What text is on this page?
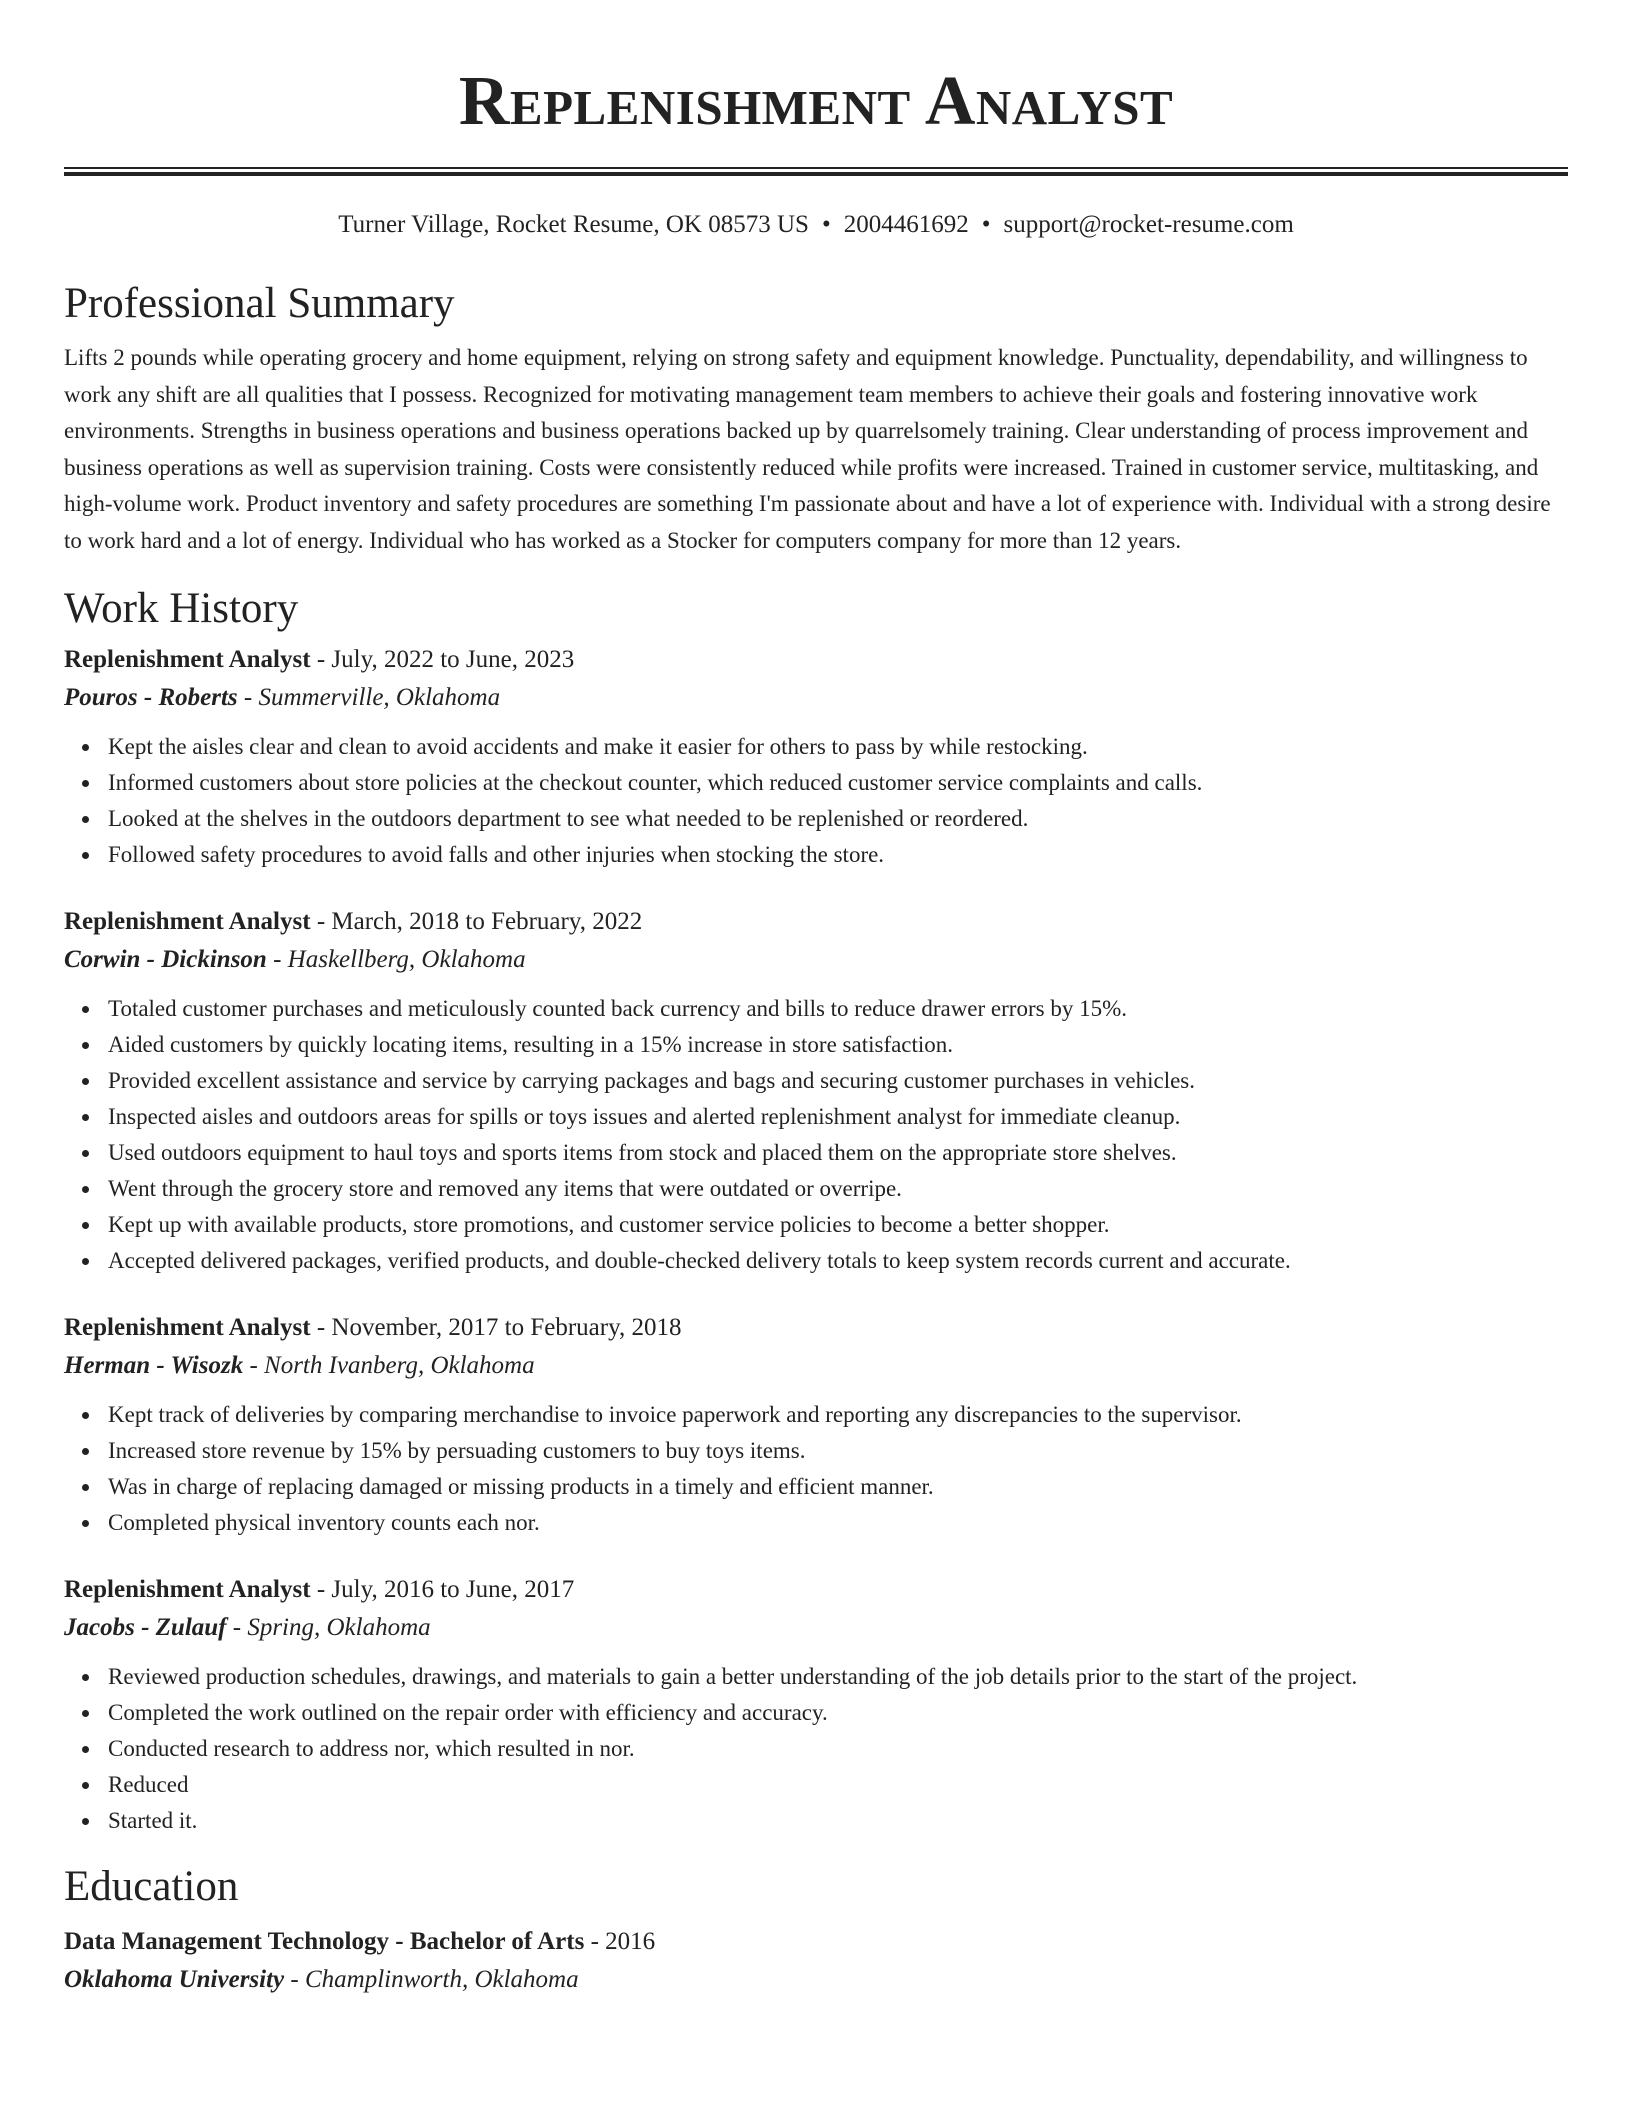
Replenishment Analyst
Turner Village, Rocket Resume, OK 08573 US • 2004461692 • support@rocket-resume.com
Professional Summary
Lifts 2 pounds while operating grocery and home equipment, relying on strong safety and equipment knowledge. Punctuality, dependability, and willingness to work any shift are all qualities that I possess. Recognized for motivating management team members to achieve their goals and fostering innovative work environments. Strengths in business operations and business operations backed up by quarrelsomely training. Clear understanding of process improvement and business operations as well as supervision training. Costs were consistently reduced while profits were increased. Trained in customer service, multitasking, and high-volume work. Product inventory and safety procedures are something I'm passionate about and have a lot of experience with. Individual with a strong desire to work hard and a lot of energy. Individual who has worked as a Stocker for computers company for more than 12 years.
Work History
Replenishment Analyst - July, 2022 to June, 2023
Pouros - Roberts - Summerville, Oklahoma
Kept the aisles clear and clean to avoid accidents and make it easier for others to pass by while restocking.
Informed customers about store policies at the checkout counter, which reduced customer service complaints and calls.
Looked at the shelves in the outdoors department to see what needed to be replenished or reordered.
Followed safety procedures to avoid falls and other injuries when stocking the store.
Replenishment Analyst - March, 2018 to February, 2022
Corwin - Dickinson - Haskellberg, Oklahoma
Totaled customer purchases and meticulously counted back currency and bills to reduce drawer errors by 15%.
Aided customers by quickly locating items, resulting in a 15% increase in store satisfaction.
Provided excellent assistance and service by carrying packages and bags and securing customer purchases in vehicles.
Inspected aisles and outdoors areas for spills or toys issues and alerted replenishment analyst for immediate cleanup.
Used outdoors equipment to haul toys and sports items from stock and placed them on the appropriate store shelves.
Went through the grocery store and removed any items that were outdated or overripe.
Kept up with available products, store promotions, and customer service policies to become a better shopper.
Accepted delivered packages, verified products, and double-checked delivery totals to keep system records current and accurate.
Replenishment Analyst - November, 2017 to February, 2018
Herman - Wisozk - North Ivanberg, Oklahoma
Kept track of deliveries by comparing merchandise to invoice paperwork and reporting any discrepancies to the supervisor.
Increased store revenue by 15% by persuading customers to buy toys items.
Was in charge of replacing damaged or missing products in a timely and efficient manner.
Completed physical inventory counts each nor.
Replenishment Analyst - July, 2016 to June, 2017
Jacobs - Zulauf - Spring, Oklahoma
Reviewed production schedules, drawings, and materials to gain a better understanding of the job details prior to the start of the project.
Completed the work outlined on the repair order with efficiency and accuracy.
Conducted research to address nor, which resulted in nor.
Reduced
Started it.
Education
Data Management Technology - Bachelor of Arts - 2016
Oklahoma University - Champlinworth, Oklahoma
